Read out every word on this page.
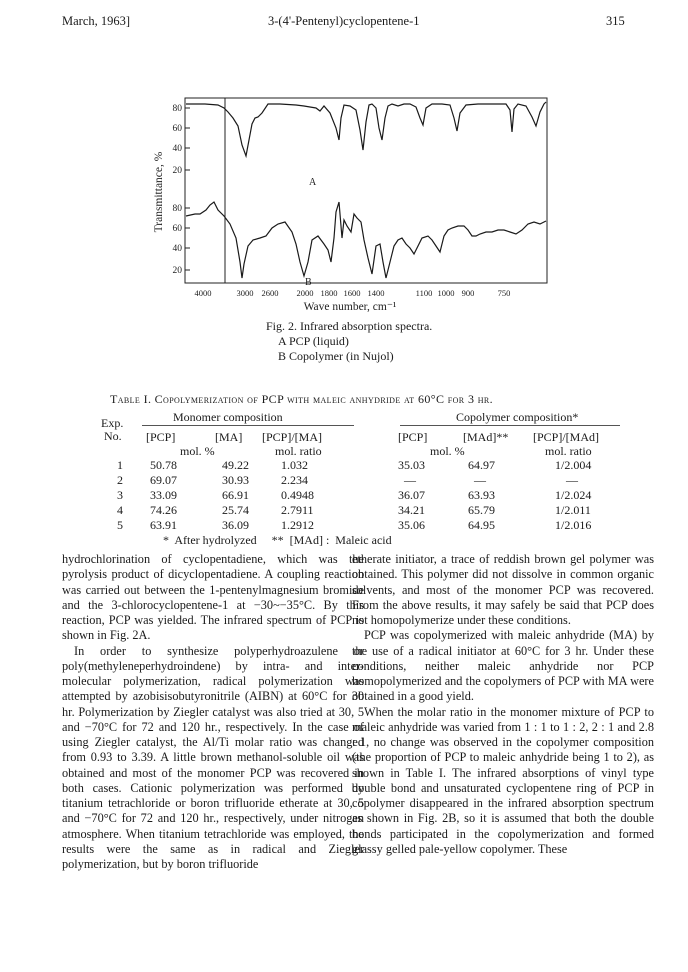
March, 1963]	3-(4'-Pentenyl)cyclopentene-1	315
80
60
40
20
80
60
40
20
Transmittance, %
4000	3000 2600 2000 1800 1600 1400	1100 1000 900	750
Wave number, cm⁻¹
A
B
Fig. 2. Infrared absorption spectra.
A PCP (liquid)
B Copolymer (in Nujol)
Table I. Copolymerization of PCP with maleic anhydride at 60°C for 3 hr.
Monomer composition	Copolymer composition*
Exp.
No. [PCP]	[MA] [PCP]/[MA]	[PCP]	[MAd]** [PCP]/[MAd]
mol. %	mol. ratio	mol. %	mol. ratio
1 50.78	49.22	1.032	35.03	64.97	1/2.004
2 69.07	30.93	2.234	—	—	—
3 33.09	66.91	0.4948	36.07	63.93	1/2.024
4 74.26	25.74	2.7911	34.21	65.79	1/2.011
5 63.91	36.09	1.2912	35.06	64.95	1/2.016
*  After hydrolyzed     **  [MAd] :  Maleic acid

hydrochlorination of cyclopentadiene, which was the pyrolysis product of dicyclopentadiene. A coupling reaction was carried out between the 1-pentenylmagnesium bromide and the 3-chlorocyclopentene-1 at −30~−35°C. By this reaction, PCP was yielded. The infrared spectrum of PCP is shown in Fig. 2A.

In order to synthesize polyperhydroazulene or poly(methyleneperhydroindene) by intra- and inter-molecular polymerization, radical polymerization was attempted by azobisisobutyronitrile (AIBN) at 60°C for 30 hr. Polymerization by Ziegler catalyst was also tried at 30, 5 and −70°C for 72 and 120 hr., respectively. In the case of using Ziegler catalyst, the Al/Ti molar ratio was changed from 0.93 to 3.39. A little brown methanol-soluble oil was obtained and most of the monomer PCP was recovered in both cases. Cationic polymerization was performed by titanium tetrachloride or boron trifluoride etherate at 30, 5 and −70°C for 72 and 120 hr., respectively, under nitrogen atmosphere. When titanium tetrachloride was employed, the results were the same as in radical and Ziegler polymerization, but by boron trifluoride

etherate initiator, a trace of reddish brown gel polymer was obtained. This polymer did not dissolve in common organic solvents, and most of the monomer PCP was recovered. From the above results, it may safely be said that PCP does not homopolymerize under these conditions.

PCP was copolymerized with maleic anhydride (MA) by the use of a radical initiator at 60°C for 3 hr. Under these conditions, neither maleic anhydride nor PCP homopolymerized and the copolymers of PCP with MA were obtained in a good yield.

When the molar ratio in the monomer mixture of PCP to maleic anhydride was varied from 1 : 1 to 1 : 2, 2 : 1 and 2.8 : 1, no change was observed in the copolymer composition (the proportion of PCP to maleic anhydride being 1 to 2), as shown in Table I. The infrared absorptions of vinyl type double bond and unsaturated cyclopentene ring of PCP in copolymer disappeared in the infrared absorption spectrum as shown in Fig. 2B, so it is assumed that both the double bonds participated in the copolymerization and formed glassy gelled pale-yellow copolymer. These
